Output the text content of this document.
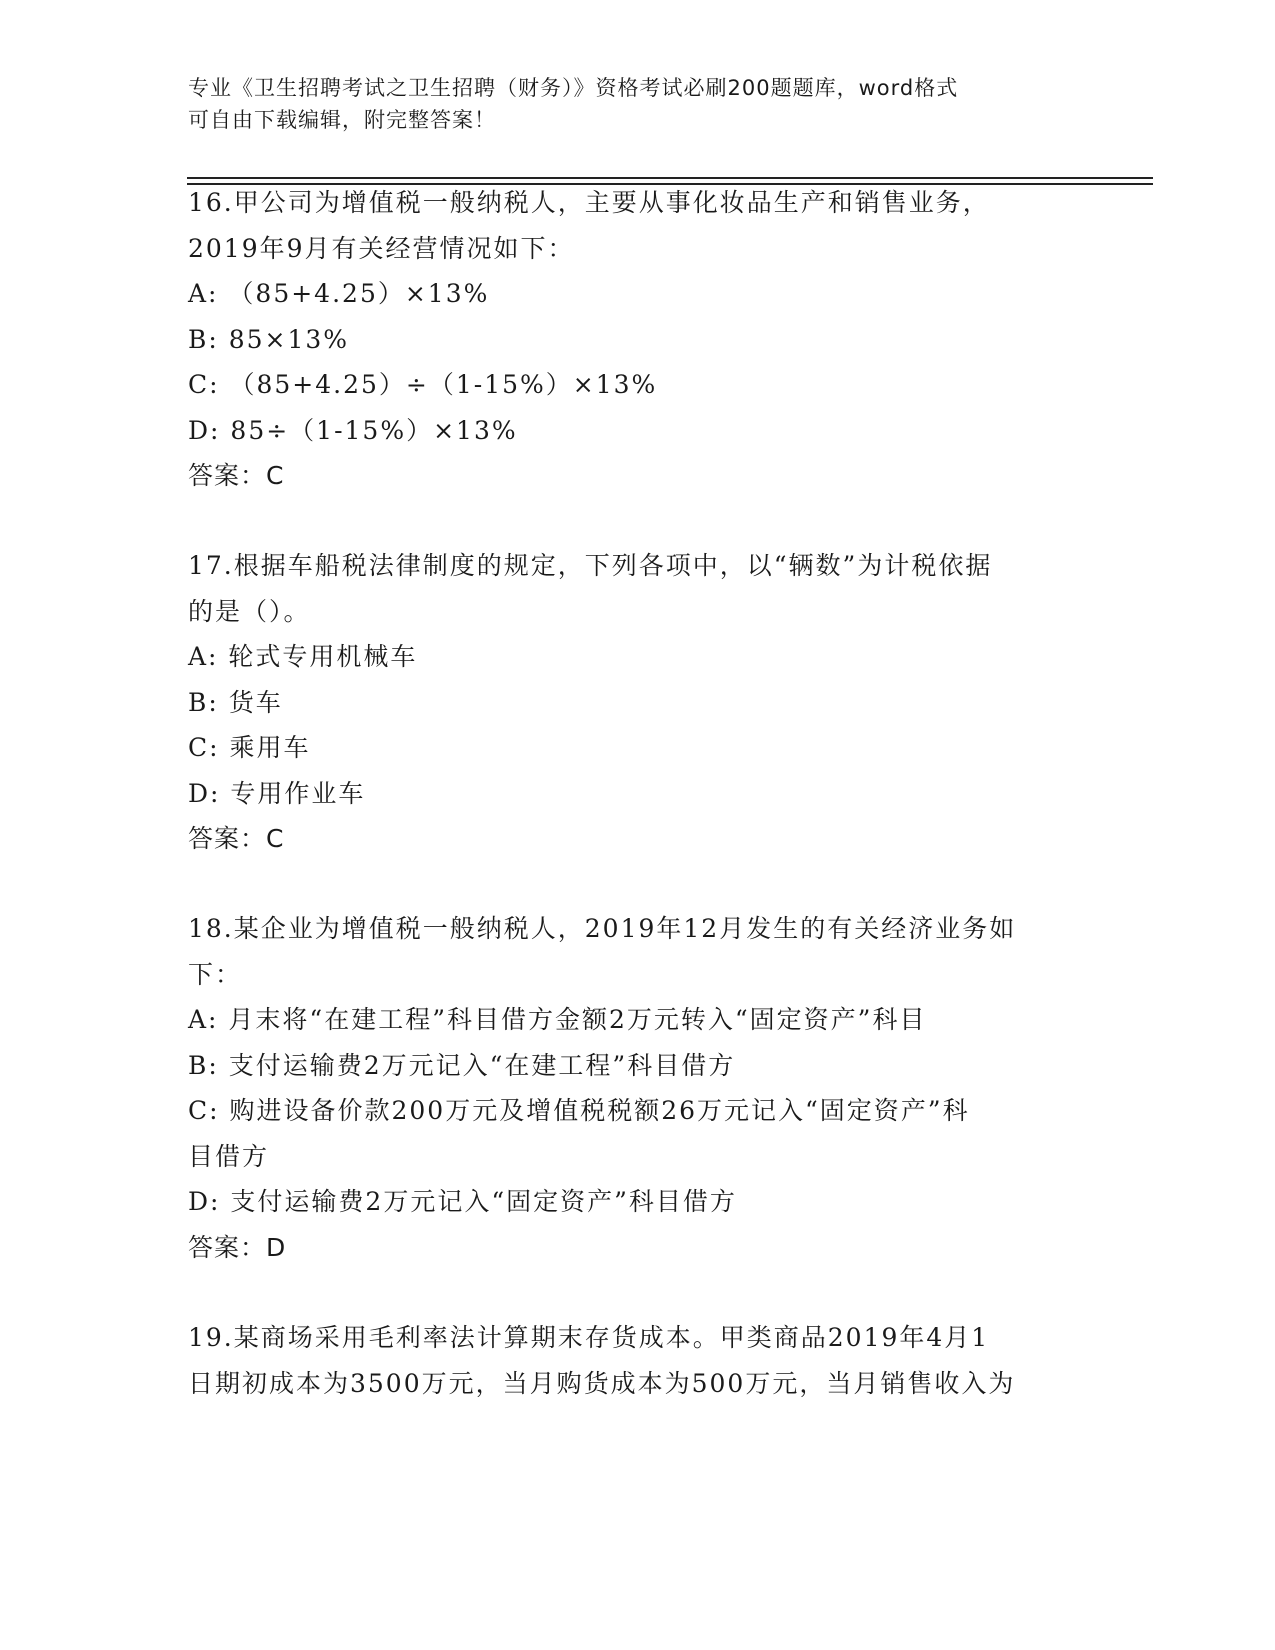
专业《卫生招聘考试之卫生招聘（财务）》资格考试必刷200题题库，word格式
可自由下载编辑，附完整答案！
16.甲公司为增值税一般纳税人，主要从事化妆品生产和销售业务，
2019年9月有关经营情况如下：
A: （85+4.25）×13%
B: 85×13%
C: （85+4.25）÷（1-15%）×13%
D: 85÷（1-15%）×13%
答案：C
17.根据车船税法律制度的规定，下列各项中，以“辆数”为计税依据
的是（）。
A: 轮式专用机械车
B: 货车
C: 乘用车
D: 专用作业车
答案：C
18.某企业为增值税一般纳税人，2019年12月发生的有关经济业务如
下：
A: 月末将“在建工程”科目借方金额2万元转入“固定资产”科目
B: 支付运输费2万元记入“在建工程”科目借方
C: 购进设备价款200万元及增值税税额26万元记入“固定资产”科
目借方
D: 支付运输费2万元记入“固定资产”科目借方
答案：D
19.某商场采用毛利率法计算期末存货成本。甲类商品2019年4月1
日期初成本为3500万元，当月购货成本为500万元，当月销售收入为
